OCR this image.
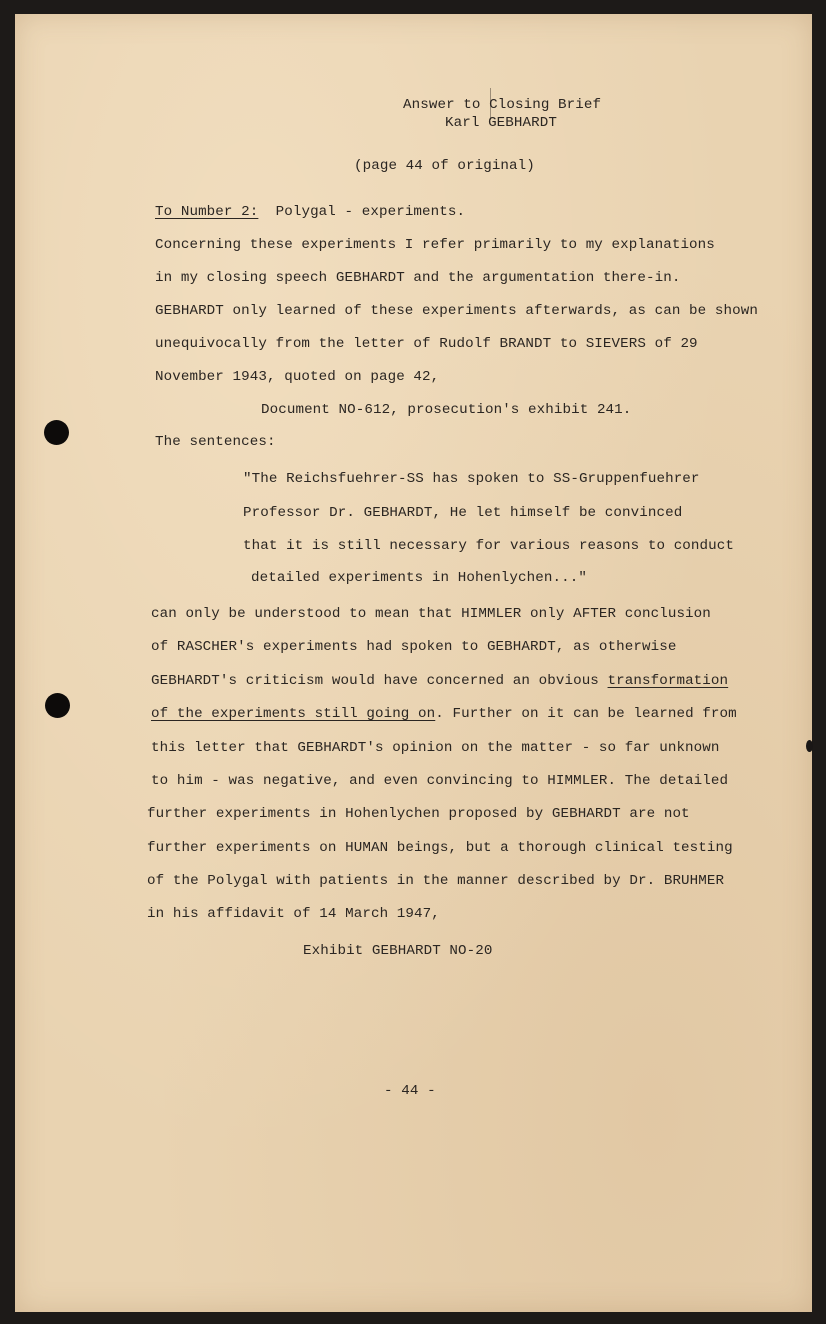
Answer to Closing Brief

Karl GEBHARDT

(page 44 of original)

To Number 2: Polygal - experiments.

Concerning these experiments I refer primarily to my explanations

in my closing speech GEBHARDT and the argumentation there-in.

GEBHARDT only learned of these experiments afterwards, as can be shown

unequivocally from the letter of Rudolf BRANDT to SIEVERS of 29

November 1943, quoted on page 42,

Document NO-612, prosecution's exhibit 241.

The sentences:

"The Reichsfuehrer-SS has spoken to SS-Gruppenfuehrer

Professor Dr. GEBHARDT, He let himself be convinced

that it is still necessary for various reasons to conduct

detailed experiments in Hohenlychen..."

can only be understood to mean that HIMMLER only AFTER conclusion

of RASCHER's experiments had spoken to GEBHARDT, as otherwise

GEBHARDT's criticism would have concerned an obvious transformation

of the experiments still going on. Further on it can be learned from

this letter that GEBHARDT's opinion on the matter - so far unknown

to him - was negative, and even convincing to HIMMLER. The detailed

further experiments in Hohenlychen proposed by GEBHARDT are not

further experiments on HUMAN beings, but a thorough clinical testing

of the Polygal with patients in the manner described by Dr. BRUHMER

in his affidavit of 14 March 1947,

Exhibit GEBHARDT NO-20

- 44 -
